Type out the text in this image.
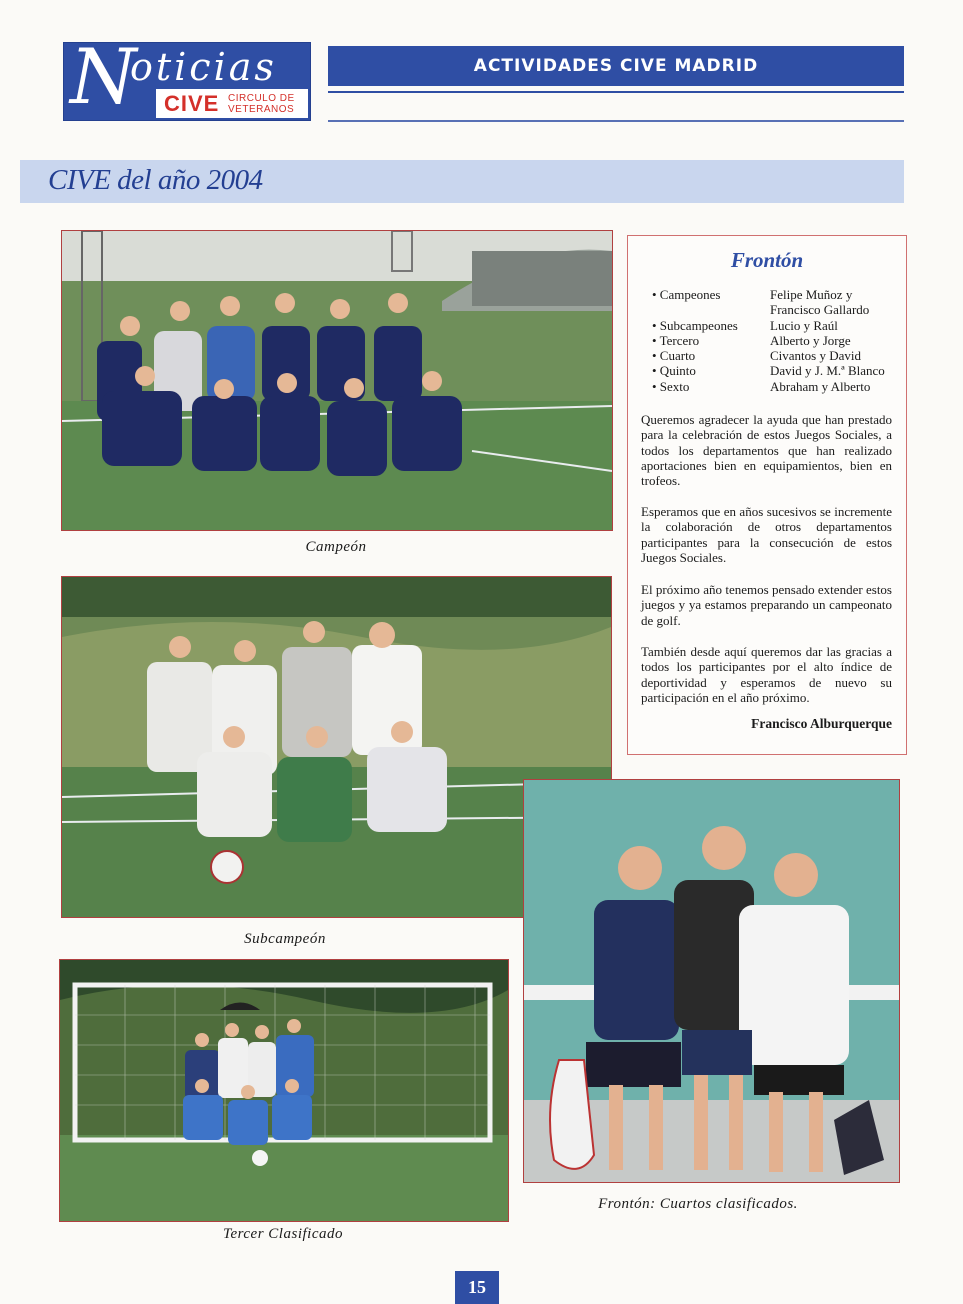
N
oticias
CIVE CIRCULO DE
VETERANOS
ACTIVIDADES CIVE MADRID
CIVE del año 2004
Campeón
Subcampeón
Tercer Clasificado
Frontón: Cuartos clasificados.
Frontón
• Campeones	Felipe Muñoz y
Francisco Gallardo
• Subcampeones	Lucio y Raúl
• Tercero	Alberto y Jorge
• Cuarto	Civantos y David
• Quinto	David y J. M.ª Blanco
• Sexto	Abraham y Alberto
Queremos agradecer la ayuda que han prestado para la celebración de estos Juegos Sociales, a todos los departamentos que han realizado aportaciones bien en equipamientos, bien en trofeos.
Esperamos que en años sucesivos se incremente la colaboración de otros departamentos participantes para la consecución de estos Juegos Sociales.
El próximo año tenemos pensado extender estos juegos y ya estamos preparando un campeonato de golf.
También desde aquí queremos dar las gracias a todos los participantes por el alto índice de deportividad y esperamos de nuevo su participación en el año próximo.
Francisco Alburquerque
15
